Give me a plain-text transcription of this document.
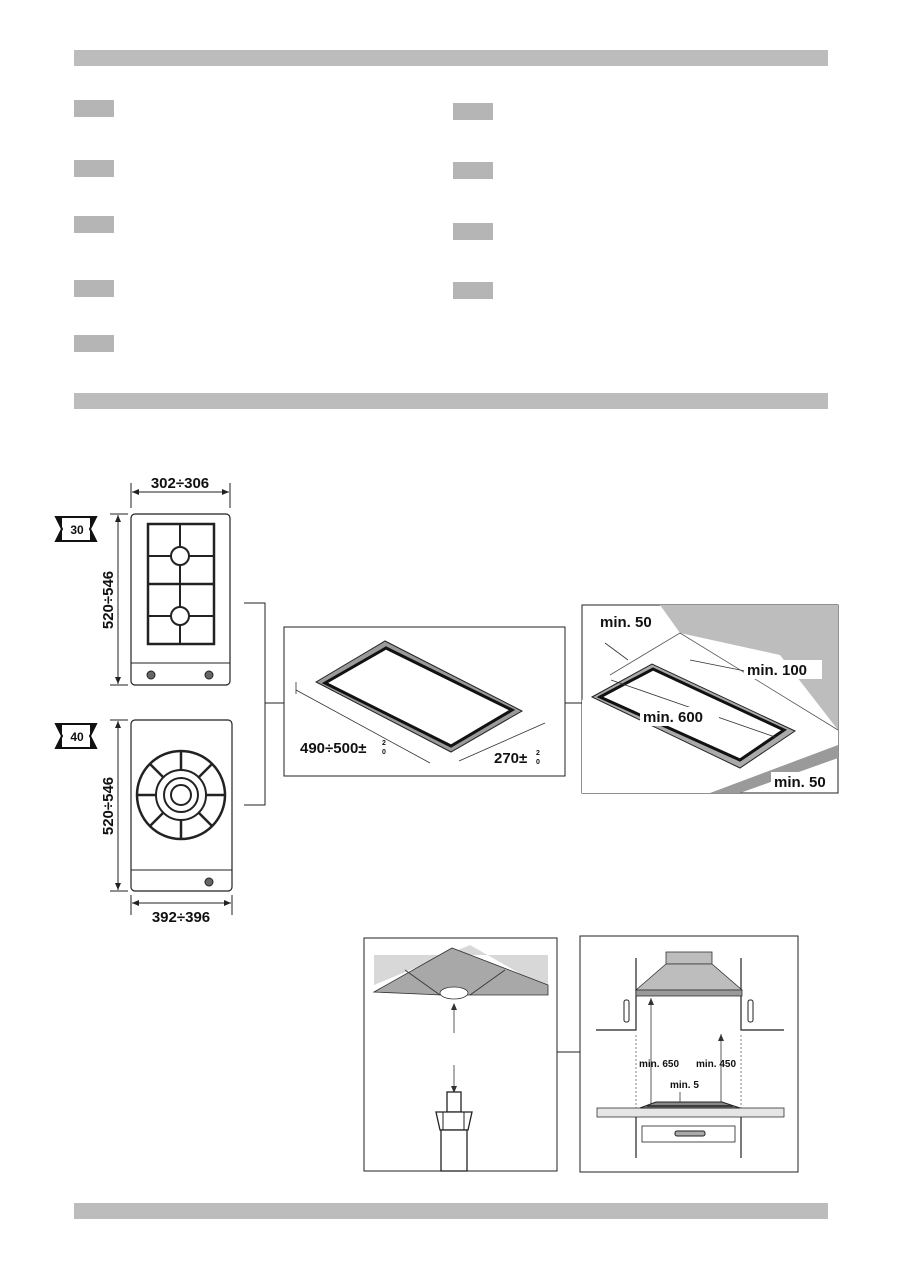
302÷306
520÷546
30
520÷546
392÷396
40
490÷500± 2
0	270± 2
0
min. 50
min. 100
min. 600
min. 50
min. 650 min. 450
min. 5
